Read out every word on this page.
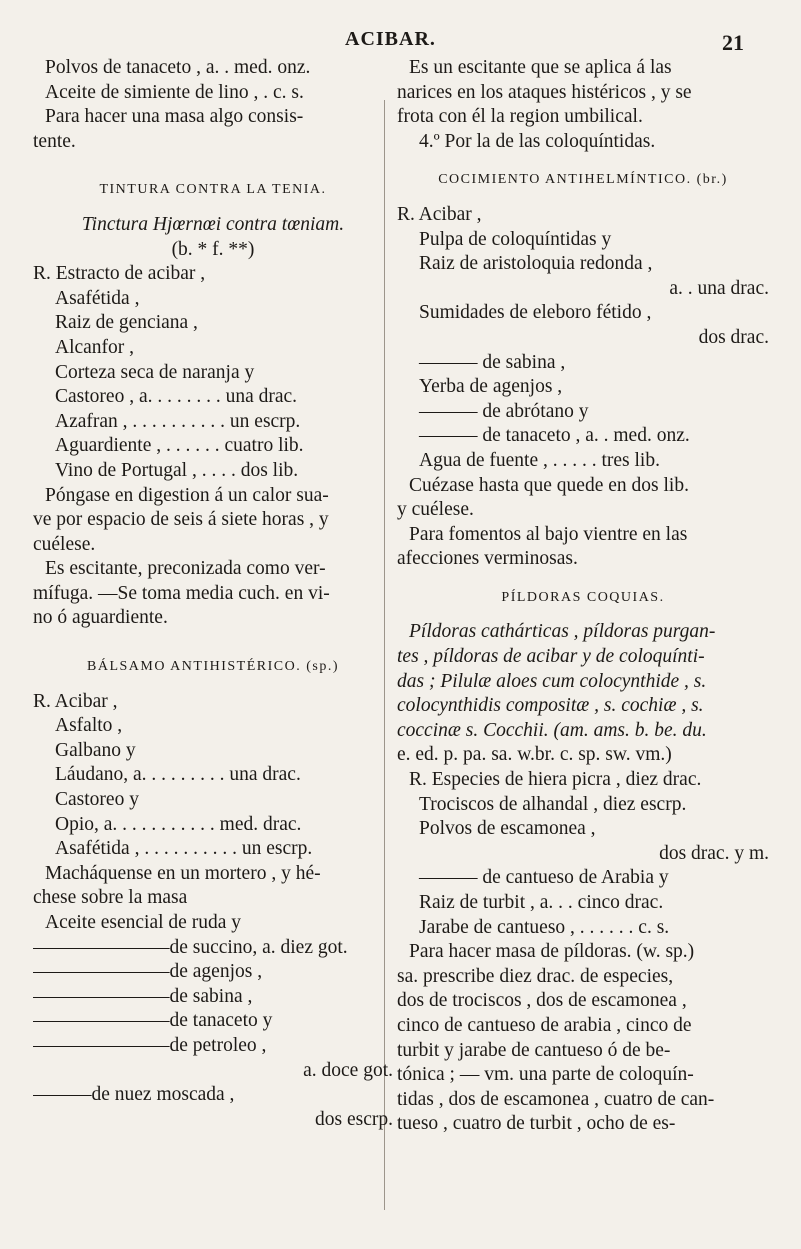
ACIBAR.	21
Polvos de tanaceto , a. . med. onz.
Aceite de simiente de lino , . c. s.
Para hacer una masa algo consis-
tente.
TINTURA CONTRA LA TENIA.
Tinctura Hjœrnœi contra tœniam.
(b. * f. **)
R. Estracto de acibar ,
Asafétida ,
Raiz de genciana ,
Alcanfor ,
Corteza seca de naranja y
Castoreo , a. . . . . . . . una drac.
Azafran , . . . . . . . . . . un escrp.
Aguardiente , . . . . . . cuatro lib.
Vino de Portugal , . . . . dos lib.
Póngase en digestion á un calor sua-
ve por espacio de seis á siete horas , y
cuélese.
Es escitante, preconizada como ver-
mífuga. —Se toma media cuch. en vi-
no ó aguardiente.
BÁLSAMO ANTIHISTÉRICO. (sp.)
R. Acibar ,
Asfalto ,
Galbano y
Láudano, a. . . . . . . . . una drac.
Castoreo y
Opio, a. . . . . . . . . . . med. drac.
Asafétida , . . . . . . . . . . un escrp.
Macháquense en un mortero , y hé-
chese sobre la masa
Aceite esencial de ruda y
———————de succino, a. diez got.
———————de agenjos ,
———————de sabina ,
———————de tanaceto y
———————de petroleo ,
a. doce got.
———de nuez moscada ,
dos escrp.
Es un escitante que se aplica á las
narices en los ataques histéricos , y se
frota con él la region umbilical.
4.º Por la de las coloquíntidas.
COCIMIENTO ANTIHELMÍNTICO. (br.)
R. Acibar ,
Pulpa de coloquíntidas y
Raiz de aristoloquia redonda ,
a. . una drac.
Sumidades de eleboro fétido ,
dos drac.
——— de sabina ,
Yerba de agenjos ,
——— de abrótano y
——— de tanaceto , a. . med. onz.
Agua de fuente , . . . . . tres lib.
Cuézase hasta que quede en dos lib.
y cuélese.
Para fomentos al bajo vientre en las
afecciones verminosas.
PÍLDORAS COQUIAS.
Píldoras cathárticas , píldoras purgan-
tes , píldoras de acibar y de coloquínti-
das ; Pilulæ aloes cum colocynthide , s.
colocynthidis compositæ , s. cochiæ , s.
coccinæ s. Cocchii. (am. ams. b. be. du.
e. ed. p. pa. sa. w.br. c. sp. sw. vm.)
R. Especies de hiera picra , diez drac.
Trociscos de alhandal , diez escrp.
Polvos de escamonea ,
dos drac. y m.
——— de cantueso de Arabia y
Raiz de turbit , a. . . cinco drac.
Jarabe de cantueso , . . . . . . c. s.
Para hacer masa de píldoras. (w. sp.)
sa. prescribe diez drac. de especies,
dos de trociscos , dos de escamonea ,
cinco de cantueso de arabia , cinco de
turbit y jarabe de cantueso ó de be-
tónica ; — vm. una parte de coloquín-
tidas , dos de escamonea , cuatro de can-
tueso , cuatro de turbit , ocho de es-
